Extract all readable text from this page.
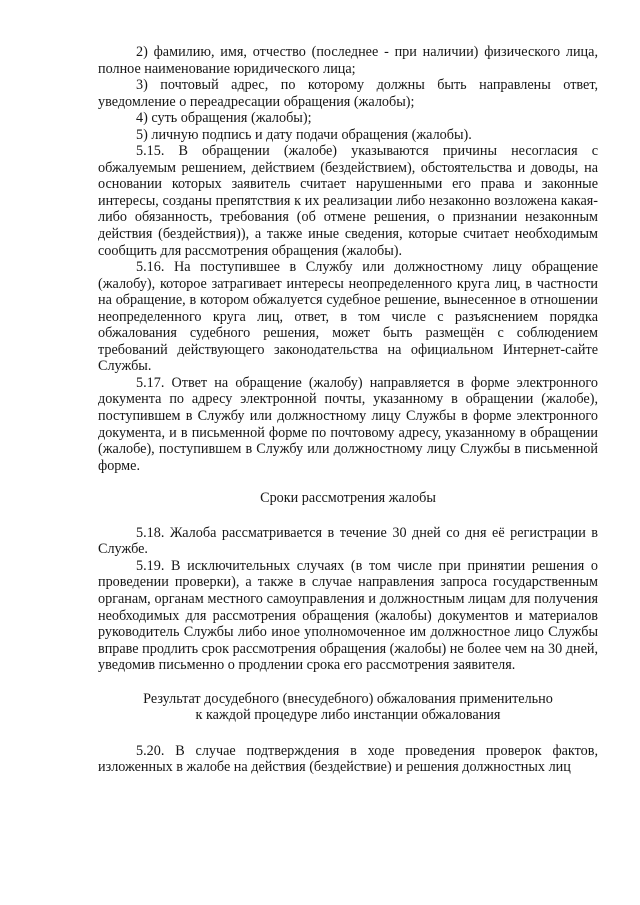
2) фамилию, имя, отчество (последнее - при наличии) физического лица, полное наименование юридического лица;

3) почтовый адрес, по которому должны быть направлены ответ, уведомление о переадресации обращения (жалобы);

4) суть обращения (жалобы);

5) личную подпись и дату подачи обращения (жалобы).

5.15. В обращении (жалобе) указываются причины несогласия с обжалуемым решением, действием (бездействием), обстоятельства и доводы, на основании которых заявитель считает нарушенными его права и законные интересы, созданы препятствия к их реализации либо незаконно возложена какая-либо обязанность, требования (об отмене решения, о признании незаконным действия (бездействия)), а также иные сведения, которые считает необходимым сообщить для рассмотрения обращения (жалобы).

5.16. На поступившее в Службу или должностному лицу обращение (жалобу), которое затрагивает интересы неопределенного круга лиц, в частности на обращение, в котором обжалуется судебное решение, вынесенное в отношении неопределенного круга лиц, ответ, в том числе с разъяснением порядка обжалования судебного решения, может быть размещён с соблюдением требований действующего законодательства на официальном Интернет-сайте Службы.

5.17. Ответ на обращение (жалобу) направляется в форме электронного документа по адресу электронной почты, указанному в обращении (жалобе), поступившем в Службу или должностному лицу Службы в форме электронного документа, и в письменной форме по почтовому адресу, указанному в обращении (жалобе), поступившем в Службу или должностному лицу Службы в письменной форме.

Сроки рассмотрения жалобы

5.18. Жалоба рассматривается в течение 30 дней со дня её регистрации в Службе.

5.19. В исключительных случаях (в том числе при принятии решения о проведении проверки), а также в случае направления запроса государственным органам, органам местного самоуправления и должностным лицам для получения необходимых для рассмотрения обращения (жалобы) документов и материалов руководитель Службы либо иное уполномоченное им должностное лицо Службы вправе продлить срок рассмотрения обращения (жалобы) не более чем на 30 дней, уведомив письменно о продлении срока его рассмотрения заявителя.

Результат досудебного (внесудебного) обжалования применительно

к каждой процедуре либо инстанции обжалования

5.20. В случае подтверждения в ходе проведения проверок фактов, изложенных в жалобе на действия (бездействие) и решения должностных лиц
